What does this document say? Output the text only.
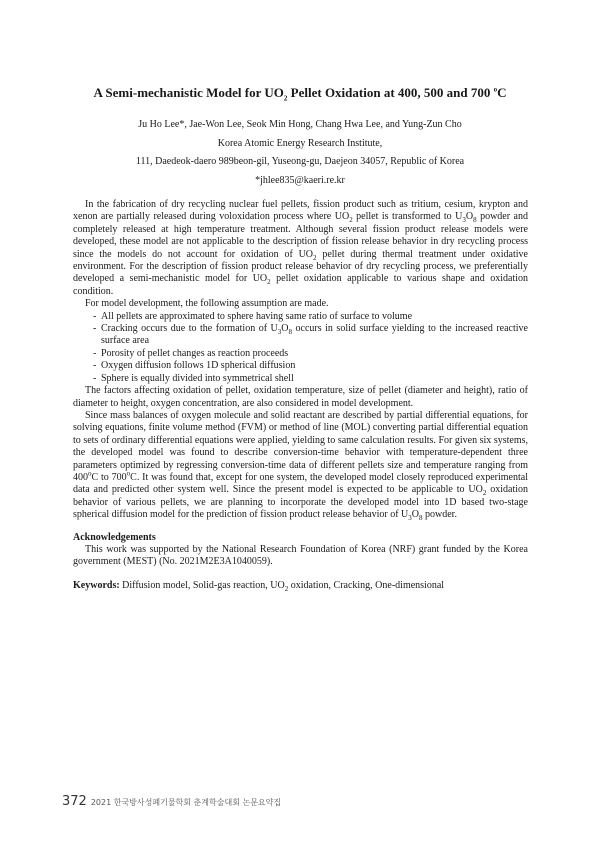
A Semi-mechanistic Model for $UO_2$ Pellet Oxidation at 400, 500 and 700 $^o$C
Ju Ho Lee*, Jae-Won Lee, Seok Min Hong, Chang Hwa Lee, and Yung-Zun Cho
Korea Atomic Energy Research Institute,
111, Daedeok-daero 989beon-gil, Yuseong-gu, Daejeon 34057, Republic of Korea
*jhlee835@kaeri.re.kr

In the fabrication of dry recycling nuclear fuel pellets, fission product such as tritium, cesium, krypton and xenon are partially released during voloxidation process where $UO_2$ pellet is transformed to $U_3O_8$ powder and completely released at high temperature treatment. Although several fission product release models were developed, these model are not applicable to the description of fission release behavior in dry recycling process since the models do not account for oxidation of $UO_2$ pellet during thermal treatment under oxidative environment. For the description of fission product release behavior of dry recycling process, we preferentially developed a semi-mechanistic model for $UO_2$ pellet oxidation applicable to various shape and oxidation condition.

For model development, the following assumption are made.

- All pellets are approximated to sphere having same ratio of surface to volume
- Cracking occurs due to the formation of $U_3O_8$ occurs in solid surface yielding to the increased reactive surface area
- Porosity of pellet changes as reaction proceeds
- Oxygen diffusion follows 1D spherical diffusion
- Sphere is equally divided into symmetrical shell

The factors affecting oxidation of pellet, oxidation temperature, size of pellet (diameter and height), ratio of diameter to height, oxygen concentration, are also considered in model development.

Since mass balances of oxygen molecule and solid reactant are described by partial differential equations, for solving equations, finite volume method (FVM) or method of line (MOL) converting partial differential equation to sets of ordinary differential equations were applied, yielding to same calculation results. For given six systems, the developed model was found to describe conversion-time behavior with temperature-dependent three parameters optimized by regressing conversion-time data of different pellets size and temperature ranging from 400$^o$C to 700$^o$C. It was found that, except for one system, the developed model closely reproduced experimental data and predicted other system well. Since the present model is expected to be applicable to $UO_2$ oxidation behavior of various pellets, we are planning to incorporate the developed model into 1D based two-stage spherical diffusion model for the prediction of fission product release behavior of $U_3O_8$ powder.

Acknowledgements

This work was supported by the National Research Foundation of Korea (NRF) grant funded by the Korea government (MEST) (No. 2021M2E3A1040059).

Keywords: Diffusion model, Solid-gas reaction, $UO_2$ oxidation, Cracking, One-dimensional

372 2021 한국방사성폐기물학회 춘계학술대회 논문요약집
